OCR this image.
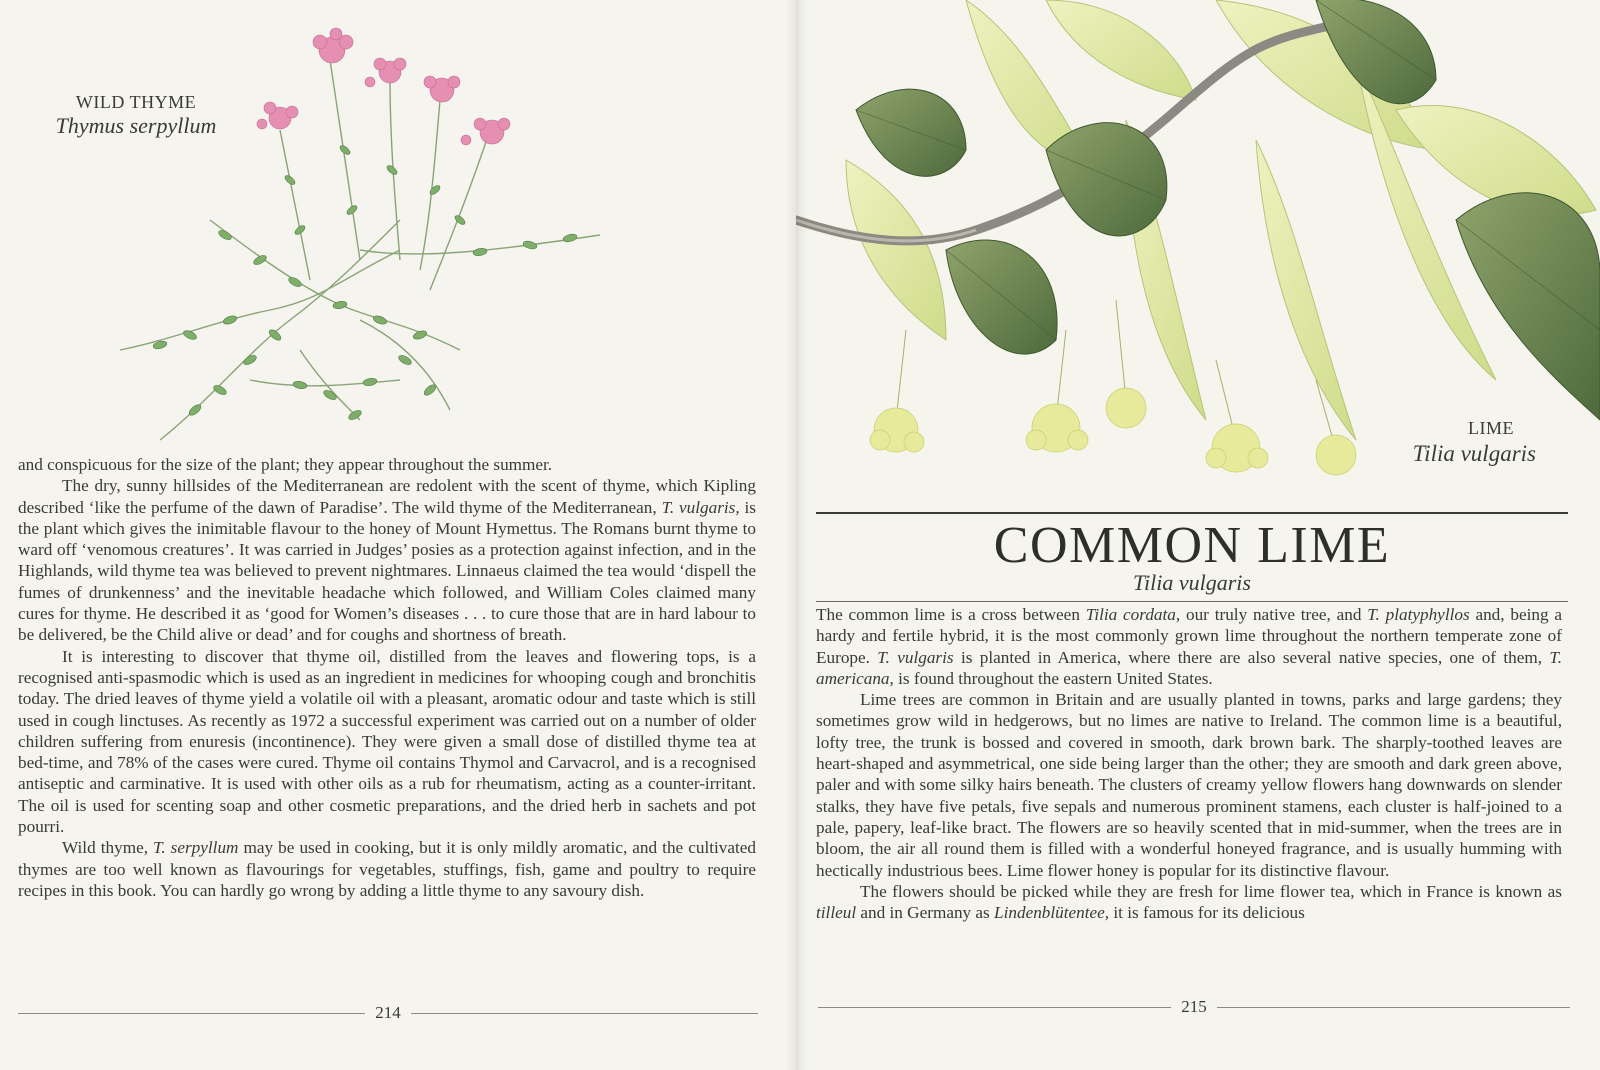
WILD THYME
Thymus serpyllum

and conspicuous for the size of the plant; they appear throughout the summer.

The dry, sunny hillsides of the Mediterranean are redolent with the scent of thyme, which Kipling described ‘like the perfume of the dawn of Paradise’. The wild thyme of the Mediterranean, T. vulgaris, is the plant which gives the inimitable flavour to the honey of Mount Hymettus. The Romans burnt thyme to ward off ‘venomous creatures’. It was carried in Judges’ posies as a protection against infection, and in the Highlands, wild thyme tea was believed to prevent nightmares. Linnaeus claimed the tea would ‘dispell the fumes of drunkenness’ and the inevitable headache which followed, and William Coles claimed many cures for thyme. He described it as ‘good for Women’s diseases . . . to cure those that are in hard labour to be delivered, be the Child alive or dead’ and for coughs and shortness of breath.

It is interesting to discover that thyme oil, distilled from the leaves and flowering tops, is a recognised anti-spasmodic which is used as an ingredient in medicines for whooping cough and bronchitis today. The dried leaves of thyme yield a volatile oil with a pleasant, aromatic odour and taste which is still used in cough linctuses. As recently as 1972 a successful experiment was carried out on a number of older children suffering from enuresis (incontinence). They were given a small dose of distilled thyme tea at bed-time, and 78% of the cases were cured. Thyme oil contains Thymol and Carvacrol, and is a recognised antiseptic and carminative. It is used with other oils as a rub for rheumatism, acting as a counter-irritant. The oil is used for scenting soap and other cosmetic preparations, and the dried herb in sachets and pot pourri.

Wild thyme, T. serpyllum may be used in cooking, but it is only mildly aromatic, and the cultivated thymes are too well known as flavourings for vegetables, stuffings, fish, game and poultry to require recipes in this book. You can hardly go wrong by adding a little thyme to any savoury dish.

214
LIME
Tilia vulgaris
COMMON LIME
Tilia vulgaris

The common lime is a cross between Tilia cordata, our truly native tree, and T. platyphyllos and, being a hardy and fertile hybrid, it is the most commonly grown lime throughout the northern temperate zone of Europe. T. vulgaris is planted in America, where there are also several native species, one of them, T. americana, is found throughout the eastern United States.

Lime trees are common in Britain and are usually planted in towns, parks and large gardens; they sometimes grow wild in hedgerows, but no limes are native to Ireland. The common lime is a beautiful, lofty tree, the trunk is bossed and covered in smooth, dark brown bark. The sharply-toothed leaves are heart-shaped and asymmetrical, one side being larger than the other; they are smooth and dark green above, paler and with some silky hairs beneath. The clusters of creamy yellow flowers hang downwards on slender stalks, they have five petals, five sepals and numerous prominent stamens, each cluster is half-joined to a pale, papery, leaf-like bract. The flowers are so heavily scented that in mid-summer, when the trees are in bloom, the air all round them is filled with a wonderful honeyed fragrance, and is usually humming with hectically industrious bees. Lime flower honey is popular for its distinctive flavour.

The flowers should be picked while they are fresh for lime flower tea, which in France is known as tilleul and in Germany as Lindenblütentee, it is famous for its delicious

215
